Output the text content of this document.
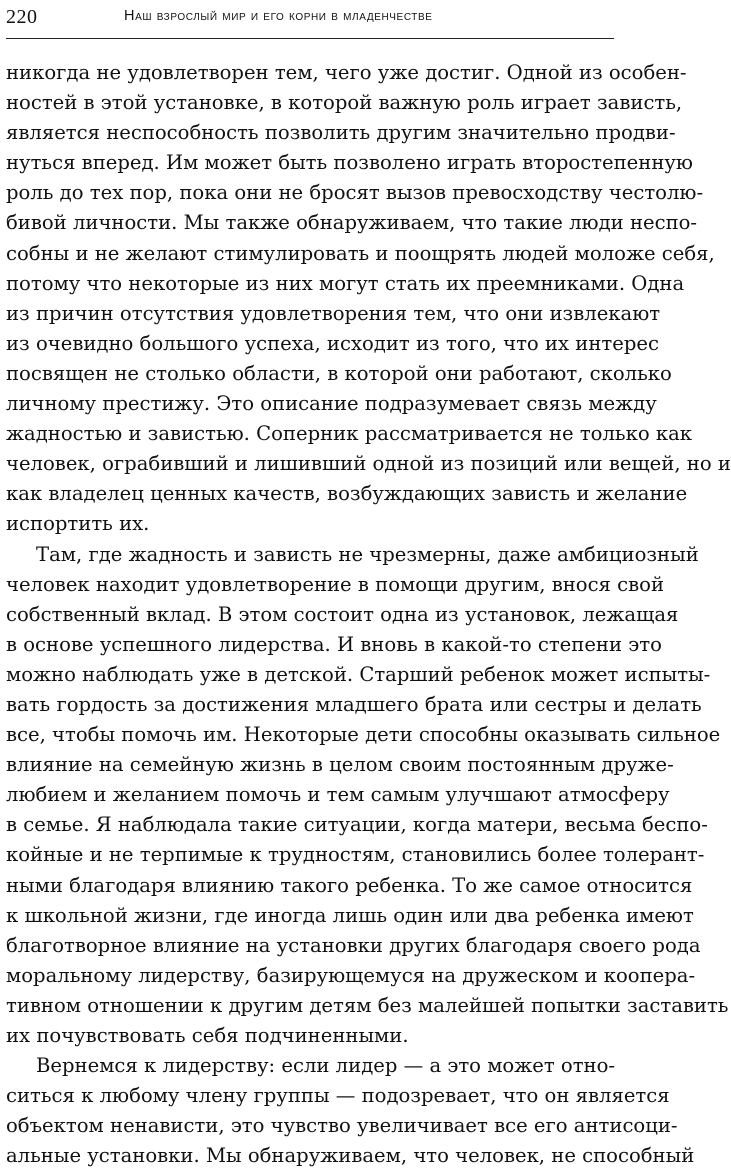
220	Наш взрослый мир и его корни в младенчестве
никогда не удовлетворен тем, чего уже достиг. Одной из особен-
ностей в этой установке, в которой важную роль играет зависть,
является неспособность позволить другим значительно продви-
нуться вперед. Им может быть позволено играть второстепенную
роль до тех пор, пока они не бросят вызов превосходству честолю-
бивой личности. Мы также обнаруживаем, что такие люди неспо-
собны и не желают стимулировать и поощрять людей моложе себя,
потому что некоторые из них могут стать их преемниками. Одна
из причин отсутствия удовлетворения тем, что они извлекают
из очевидно большого успеха, исходит из того, что их интерес
посвящен не столько области, в которой они работают, сколько
личному престижу. Это описание подразумевает связь между
жадностью и завистью. Соперник рассматривается не только как
человек, ограбивший и лишивший одной из позиций или вещей, но и
как владелец ценных качеств, возбуждающих зависть и желание
испортить их.
Там, где жадность и зависть не чрезмерны, даже амбициозный
человек находит удовлетворение в помощи другим, внося свой
собственный вклад. В этом состоит одна из установок, лежащая
в основе успешного лидерства. И вновь в какой-то степени это
можно наблюдать уже в детской. Старший ребенок может испыты-
вать гордость за достижения младшего брата или сестры и делать
все, чтобы помочь им. Некоторые дети способны оказывать сильное
влияние на семейную жизнь в целом своим постоянным друже-
любием и желанием помочь и тем самым улучшают атмосферу
в семье. Я наблюдала такие ситуации, когда матери, весьма беспо-
койные и не терпимые к трудностям, становились более толерант-
ными благодаря влиянию такого ребенка. То же самое относится
к школьной жизни, где иногда лишь один или два ребенка имеют
благотворное влияние на установки других благодаря своего рода
моральному лидерству, базирующемуся на дружеском и коопера-
тивном отношении к другим детям без малейшей попытки заставить
их почувствовать себя подчиненными.
Вернемся к лидерству: если лидер — а это может отно-
ситься к любому члену группы — подозревает, что он является
объектом ненависти, это чувство увеличивает все его антисоци-
альные установки. Мы обнаруживаем, что человек, не способный
